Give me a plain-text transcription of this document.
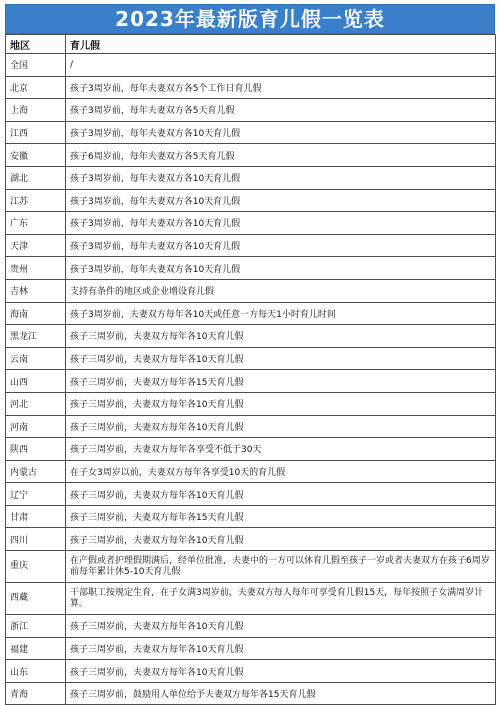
2023年最新版育儿假一览表
地区	育儿假
全国	/
北京	孩子3周岁前，每年夫妻双方各5个工作日育儿假
上海	孩子3周岁前，每年夫妻双方各5天育儿假
江西	孩子3周岁前，每年夫妻双方各10天育儿假
安徽	孩子6周岁前，每年夫妻双方各5天育儿假
湖北	孩子3周岁前，每年夫妻双方各10天育儿假
江苏	孩子3周岁前，每年夫妻双方各10天育儿假
广东	孩子3周岁前，每年夫妻双方各10天育儿假
天津	孩子3周岁前，每年夫妻双方各10天育儿假
贵州	孩子3周岁前，每年夫妻双方各10天育儿假
吉林	支持有条件的地区或企业增设育儿假
海南	孩子3周岁前，夫妻双方每年各10天或任意一方每天1小时育儿时间
黑龙江	孩子三周岁前，夫妻双方每年各10天育儿假
云南	孩子三周岁前，夫妻双方每年各10天育儿假
山西	孩子三周岁前，夫妻双方每年各15天育儿假
河北	孩子三周岁前，夫妻双方每年各10天育儿假
河南	孩子三周岁前，夫妻双方每年各10天育儿假
陕西	孩子三周岁前，夫妻双方每年各享受不低于30天
内蒙古	在子女3周岁以前，夫妻双方每年各享受10天的育儿假
辽宁	孩子三周岁前，夫妻双方每年各10天育儿假
甘肃	孩子三周岁前，夫妻双方每年各15天育儿假
四川	孩子三周岁前，夫妻双方每年各10天育儿假
重庆	在产假或者护理假期满后，经单位批准，夫妻中的一方可以休育儿假至孩子一岁或者夫妻双方在孩子6周岁前每年累计休5-10天育儿假
西藏	干部职工按规定生育，在子女满3周岁前，夫妻双方每人每年可享受育儿假15天，每年按照子女满周岁计算。
浙江	孩子三周岁前，夫妻双方每年各10天育儿假
福建	孩子三周岁前，夫妻双方每年各10天育儿假
山东	孩子三周岁前，夫妻双方每年各10天育儿假
青海	孩子三周岁前，鼓励用人单位给予夫妻双方每年各15天育儿假
